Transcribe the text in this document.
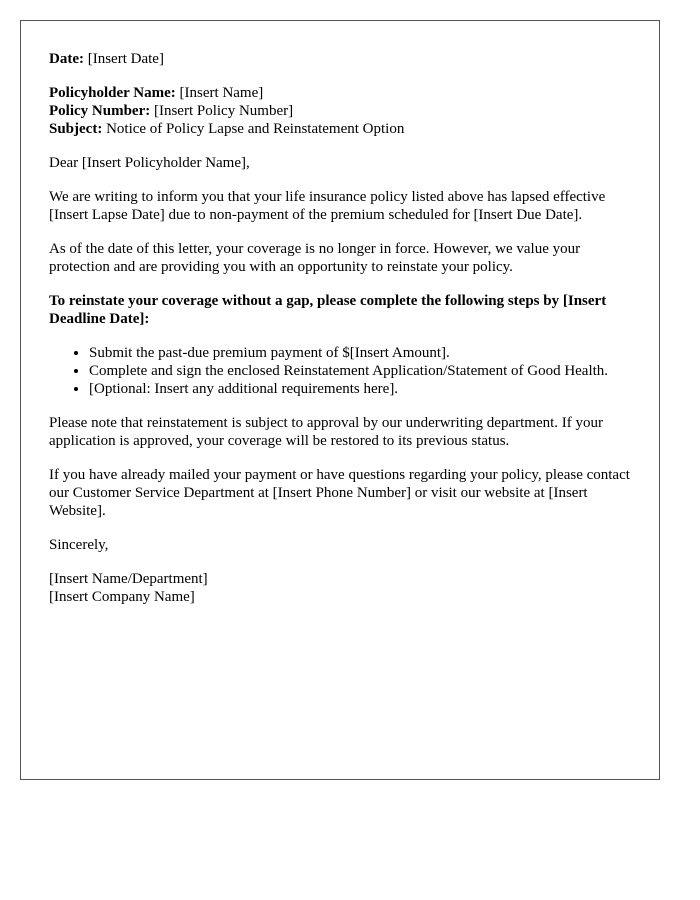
Date: [Insert Date]

Policyholder Name: [Insert Name]

Policy Number: [Insert Policy Number]

Subject: Notice of Policy Lapse and Reinstatement Option

Dear [Insert Policyholder Name],

We are writing to inform you that your life insurance policy listed above has lapsed effective [Insert Lapse Date] due to non-payment of the premium scheduled for [Insert Due Date].

As of the date of this letter, your coverage is no longer in force. However, we value your protection and are providing you with an opportunity to reinstate your policy.

To reinstate your coverage without a gap, please complete the following steps by [Insert Deadline Date]:

• Submit the past-due premium payment of $[Insert Amount].
• Complete and sign the enclosed Reinstatement Application/Statement of Good Health.
• [Optional: Insert any additional requirements here].

Please note that reinstatement is subject to approval by our underwriting department. If your application is approved, your coverage will be restored to its previous status.

If you have already mailed your payment or have questions regarding your policy, please contact our Customer Service Department at [Insert Phone Number] or visit our website at [Insert Website].

Sincerely,

[Insert Name/Department]

[Insert Company Name]
